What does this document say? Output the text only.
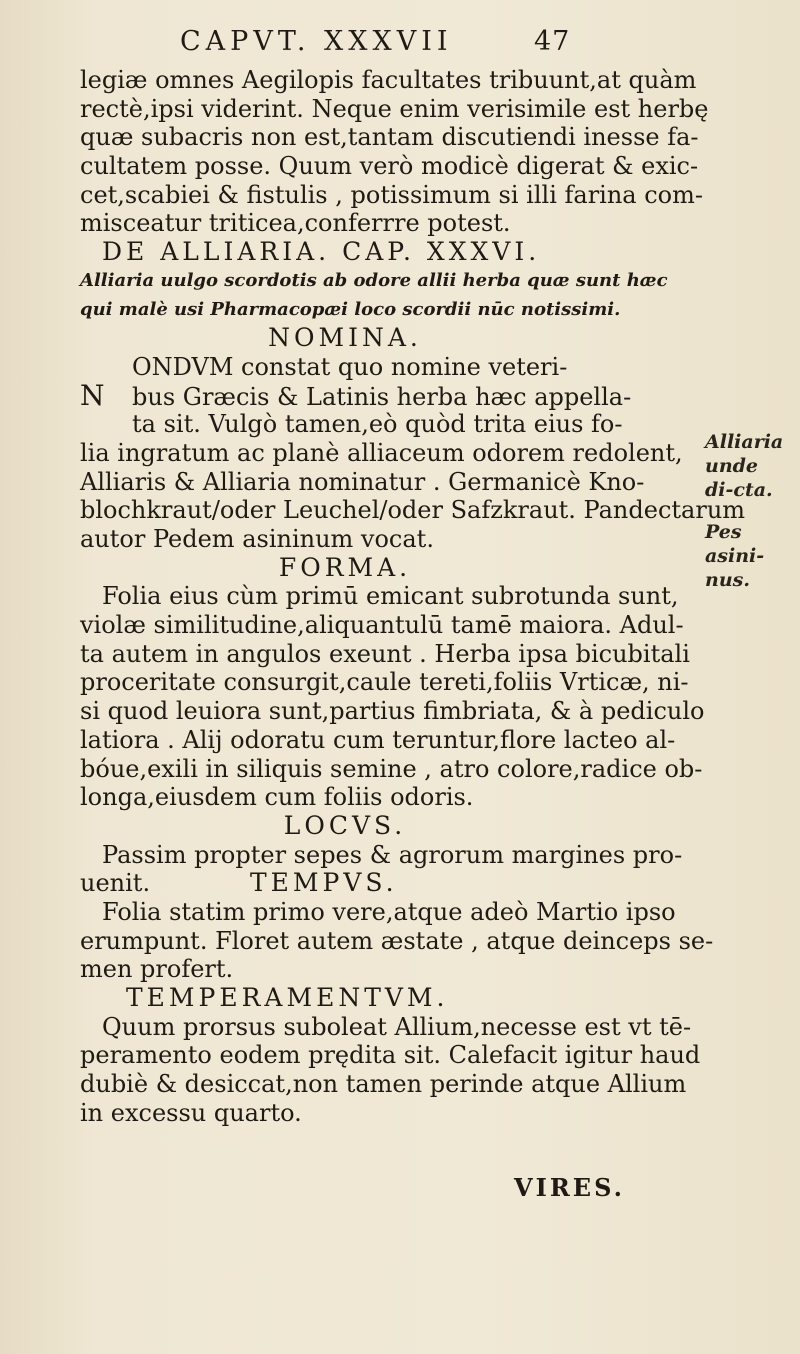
CAPVT. XXXVII	47
legiæ omnes Aegilopis facultates tribuunt,at quàm
rectè,ipsi viderint. Neque enim verisimile est herbę
quæ subacris non est,tantam discutiendi inesse fa-
cultatem posse. Quum verò modicè digerat & exic-
cet,scabiei & fistulis , potissimum si illi farina com-
misceatur triticea,conferrre potest.
DE ALLIARIA. CAP. XXXVI.
Alliaria uulgo scordotis ab odore allii herba quæ sunt hæc
qui malè usi Pharmacopæi loco scordii nūc notissimi.
NOMINA.
ONDVM constat quo nomine veteri-
N bus Græcis & Latinis herba hæc appella-
ta sit. Vulgò tamen,eò quòd trita eius fo-
lia ingratum ac planè alliaceum odorem redolent,
Alliaris & Alliaria nominatur . Germanicè Kno-
blochkraut/oder Leuchel/oder Safzkraut. Pandectarum
autor Pedem asininum vocat.
FORMA.
Folia eius cùm primū emicant subrotunda sunt,
violæ similitudine,aliquantulū tamē maiora. Adul-
ta autem in angulos exeunt . Herba ipsa bicubitali
proceritate consurgit,caule tereti,foliis Vrticæ, ni-
si quod leuiora sunt,partius fimbriata, & à pediculo
latiora . Alij odoratu cum teruntur,flore lacteo al-
bóue,exili in siliquis semine , atro colore,radice ob-
longa,eiusdem cum foliis odoris.
LOCVS.
Passim propter sepes & agrorum margines pro-
uenit.	TEMPVS.
Folia statim primo vere,atque adeò Martio ipso
erumpunt. Floret autem æstate , atque deinceps se-
men profert.
TEMPERAMENTVM.
Quum prorsus suboleat Allium,necesse est vt tē-
peramento eodem prędita sit. Calefacit igitur haud
dubiè & desiccat,non tamen perinde atque Allium
in excessu quarto.
Alliaria unde di-cta.
Pes asini-nus.
VIRES.
